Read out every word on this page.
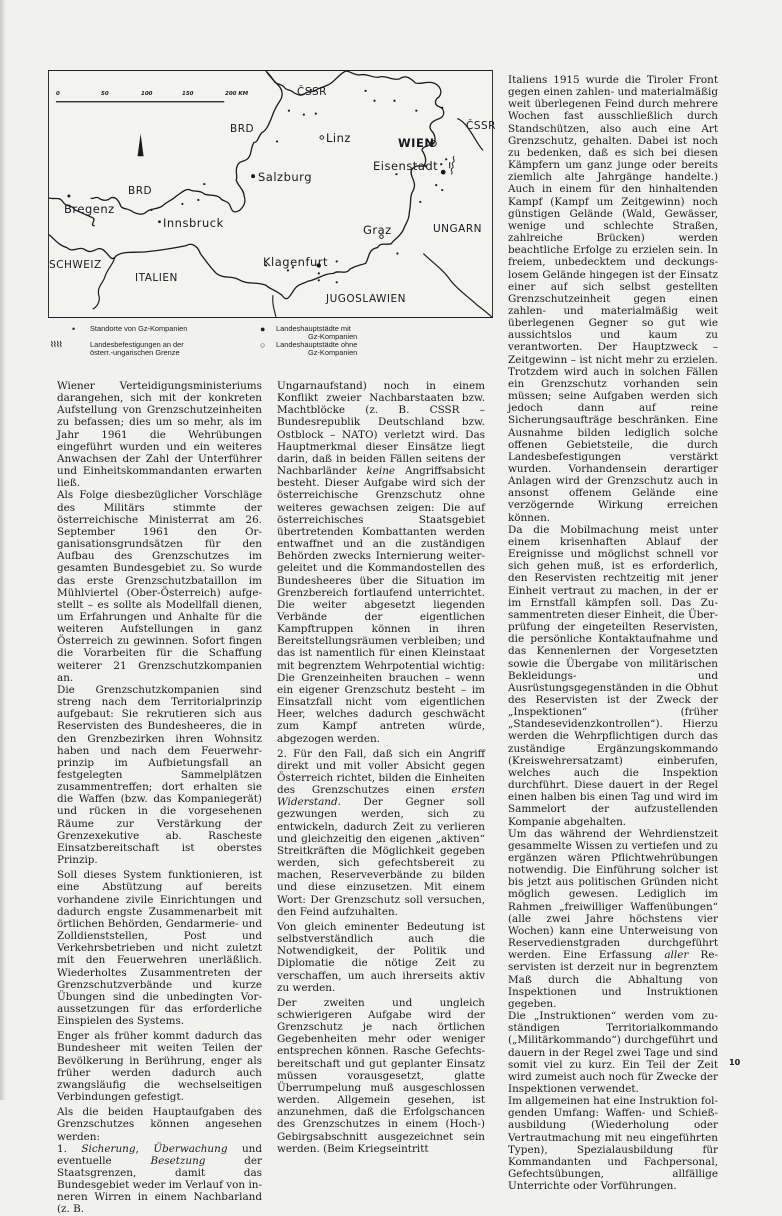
0	50	100	150	200 KM	ČSSR
ČSSR
BRD
BRD
SCHWEIZ
ITALIEN
JUGOSLAWIEN
UNGARN
Linz	WIEN
Eisenstadt
Salzburg
Bregenz
Innsbruck	Graz
Klagenfurt
• Standorte von Gz-Kompanien
⌇⌇⌇⌇	Landesbefestigungen an der
österr.-ungarischen Grenze
● Landeshauptstädte mit
Gz-Kompanien
○ Landeshauptstädte ohne
Gz-Kompanien

Wiener Verteidigungsministeriums darangehen, sich mit der konkreten Aufstellung von Grenzschutzeinheiten zu befassen; dies um so mehr, als im Jahr 1961 die Wehrübungen eingeführt wurden und ein weiteres Anwachsen der Zahl der Unterführer und Einheitskommandanten erwarten ließ.

Als Folge diesbezüglicher Vorschläge des Militärs stimmte der österreichische Ministerrat am 26. September 1961 den Organisationsgrundsätzen für den Aufbau des Grenzschutzes im gesamten Bundesgebiet zu. So wurde das erste Grenzschutzbataillon im Mühlviertel (Ober-Österreich) aufgestellt – es sollte als Modellfall dienen, um Erfahrungen und Anhalte für die weiteren Aufstellungen in ganz Österreich zu gewinnen. Sofort fingen die Vorarbeiten für die Schaffung weiterer 21 Grenzschutzkompanien an.

Die Grenzschutzkompanien sind streng nach dem Territorialprinzip aufgebaut: Sie rekrutieren sich aus Reservisten des Bundesheeres, die in den Grenzbezirken ihren Wohnsitz haben und nach dem Feuerwehrprinzip im Aufbietungsfall an festgelegten Sammelplätzen zusammentreffen; dort erhalten sie die Waffen (bzw. das Kompaniegerät) und rücken in die vorgesehenen Räume zur Verstärkung der Grenzexekutive ab. Rascheste Einsatzbereitschaft ist oberstes Prinzip.

Soll dieses System funktionieren, ist eine Abstützung auf bereits vorhandene zivile Einrichtungen und dadurch engste Zusammenarbeit mit örtlichen Behörden, Gendarmerie- und Zolldienststellen, Post und Verkehrsbetrieben und nicht zuletzt mit den Feuerwehren unerläßlich. Wiederholtes Zusammentreten der Grenzschutzverbände und kurze Übungen sind die unbedingten Voraussetzungen für das erforderliche Einspielen des Systems.

Enger als früher kommt dadurch das Bundesheer mit weiten Teilen der Bevölkerung in Berührung, enger als früher werden dadurch auch zwangsläufig die wechselseitigen Verbindungen gefestigt.

Als die beiden Hauptaufgaben des Grenzschutzes können angesehen werden:

1. Sicherung, Überwachung und eventuelle Besetzung der Staatsgrenzen, damit das Bundesgebiet weder im Verlauf von inneren Wirren in einem Nachbarland (z. B.

Ungarnaufstand) noch in einem Konflikt zweier Nachbarstaaten bzw. Machtblöcke (z. B. CSSR – Bundesrepublik Deutschland bzw. Ostblock – NATO) verletzt wird. Das Hauptmerkmal dieser Einsätze liegt darin, daß in beiden Fällen seitens der Nachbarländer keine Angriffsabsicht besteht. Dieser Aufgabe wird sich der österreichische Grenzschutz ohne weiteres gewachsen zeigen: Die auf österreichisches Staatsgebiet übertretenden Kombattanten werden entwaffnet und an die zuständigen Behörden zwecks Internierung weitergeleitet und die Kommandostellen des Bundesheeres über die Situation im Grenzbereich fortlaufend unterrichtet. Die weiter abgesetzt liegenden Verbände der eigentlichen Kampftruppen können in ihren Bereitstellungsräumen verbleiben; und das ist namentlich für einen Kleinstaat mit begrenztem Wehrpotential wichtig: Die Grenzeinheiten brauchen – wenn ein eigener Grenzschutz besteht – im Einsatzfall nicht vom eigentlichen Heer, welches dadurch geschwächt zum Kampf antreten würde, abgezogen werden.

2. Für den Fall, daß sich ein Angriff direkt und mit voller Absicht gegen Österreich richtet, bilden die Einheiten des Grenzschutzes einen ersten Widerstand. Der Gegner soll gezwungen werden, sich zu entwickeln, dadurch Zeit zu verlieren und gleichzeitig den eigenen „aktiven“ Streitkräften die Möglichkeit gegeben werden, sich gefechtsbereit zu machen, Reserveverbände zu bilden und diese einzusetzen. Mit einem Wort: Der Grenzschutz soll versuchen, den Feind aufzuhalten.

Von gleich eminenter Bedeutung ist selbstverständlich auch die Notwendigkeit, der Politik und Diplomatie die nötige Zeit zu verschaffen, um auch ihrerseits aktiv zu werden.

Der zweiten und ungleich schwierigeren Aufgabe wird der Grenzschutz je nach örtlichen Gegebenheiten mehr oder weniger entsprechen können. Rasche Gefechtsbereitschaft und gut geplanter Einsatz müssen vorausgesetzt, glatte Überrumpelung muß ausgeschlossen werden. Allgemein gesehen, ist anzunehmen, daß die Erfolgschancen des Grenzschutzes in einem (Hoch-) Gebirgsabschnitt ausgezeichnet sein werden. (Beim Kriegseintritt

Italiens 1915 wurde die Tiroler Front gegen einen zahlen- und materialmäßig weit überlegenen Feind durch mehrere Wochen fast ausschließlich durch Standschützen, also auch eine Art Grenzschutz, gehalten. Dabei ist noch zu bedenken, daß es sich bei diesen Kämpfern um ganz junge oder bereits ziemlich alte Jahrgänge handelte.) Auch in einem für den hinhaltenden Kampf (Kampf um Zeitgewinn) noch günstigen Gelände (Wald, Gewässer, wenige und schlechte Straßen, zahlreiche Brücken) werden beachtliche Erfolge zu erzielen sein. In freiem, unbedecktem und deckungslosem Gelände hingegen ist der Einsatz einer auf sich selbst gestellten Grenzschutzeinheit gegen einen zahlen- und materialmäßig weit überlegenen Gegner so gut wie aussichtslos und kaum zu verantworten. Der Hauptzweck – Zeitgewinn – ist nicht mehr zu erzielen. Trotzdem wird auch in solchen Fällen ein Grenzschutz vorhanden sein müssen; seine Aufgaben werden sich jedoch dann auf reine Sicherungsaufträge beschränken. Eine Ausnahme bilden lediglich solche offenen Gebietsteile, die durch Landesbefestigungen verstärkt wurden. Vorhandensein derartiger Anlagen wird der Grenzschutz auch in ansonst offenem Gelände eine verzögernde Wirkung erreichen können.

Da die Mobilmachung meist unter einem krisenhaften Ablauf der Ereignisse und möglichst schnell vor sich gehen muß, ist es erforderlich, den Reservisten rechtzeitig mit jener Einheit vertraut zu machen, in der er im Ernstfall kämpfen soll. Das Zusammentreten dieser Einheit, die Überprüfung der eingeteilten Reservisten, die persönliche Kontaktaufnahme und das Kennenlernen der Vorgesetzten sowie die Übergabe von militärischen Bekleidungs- und Ausrüstungsgegenständen in die Obhut des Reservisten ist der Zweck der „Inspektionen“ (früher „Standesevidenzkontrollen“). Hierzu werden die Wehrpflichtigen durch das zuständige Ergänzungskommando (Kreiswehrersatzamt) einberufen, welches auch die Inspektion durchführt. Diese dauert in der Regel einen halben bis einen Tag und wird im Sammelort der aufzustellenden Kompanie abgehalten.

Um das während der Wehrdienstzeit gesammelte Wissen zu vertiefen und zu ergänzen wären Pflichtwehrübungen notwendig. Die Einführung solcher ist bis jetzt aus politischen Gründen nicht möglich gewesen. Lediglich im Rahmen „freiwilliger Waffenübungen“ (alle zwei Jahre höchstens vier Wochen) kann eine Unterweisung von Reservedienstgraden durchgeführt werden. Eine Erfassung aller Reservisten ist derzeit nur in begrenztem Maß durch die Abhaltung von Inspektionen und Instruktionen gegeben.

Die „Instruktionen“ werden vom zuständigen Territorialkommando („Militärkommando“) durchgeführt und dauern in der Regel zwei Tage und sind somit viel zu kurz. Ein Teil der Zeit wird zumeist auch noch für Zwecke der Inspektionen verwendet.

Im allgemeinen hat eine Instruktion folgenden Umfang: Waffen- und Schießausbildung (Wiederholung oder Vertrautmachung mit neu eingeführten Typen), Spezialausbildung für Kommandanten und Fachpersonal, Gefechtsübungen, allfällige Unterrichte oder Vorführungen.

10
